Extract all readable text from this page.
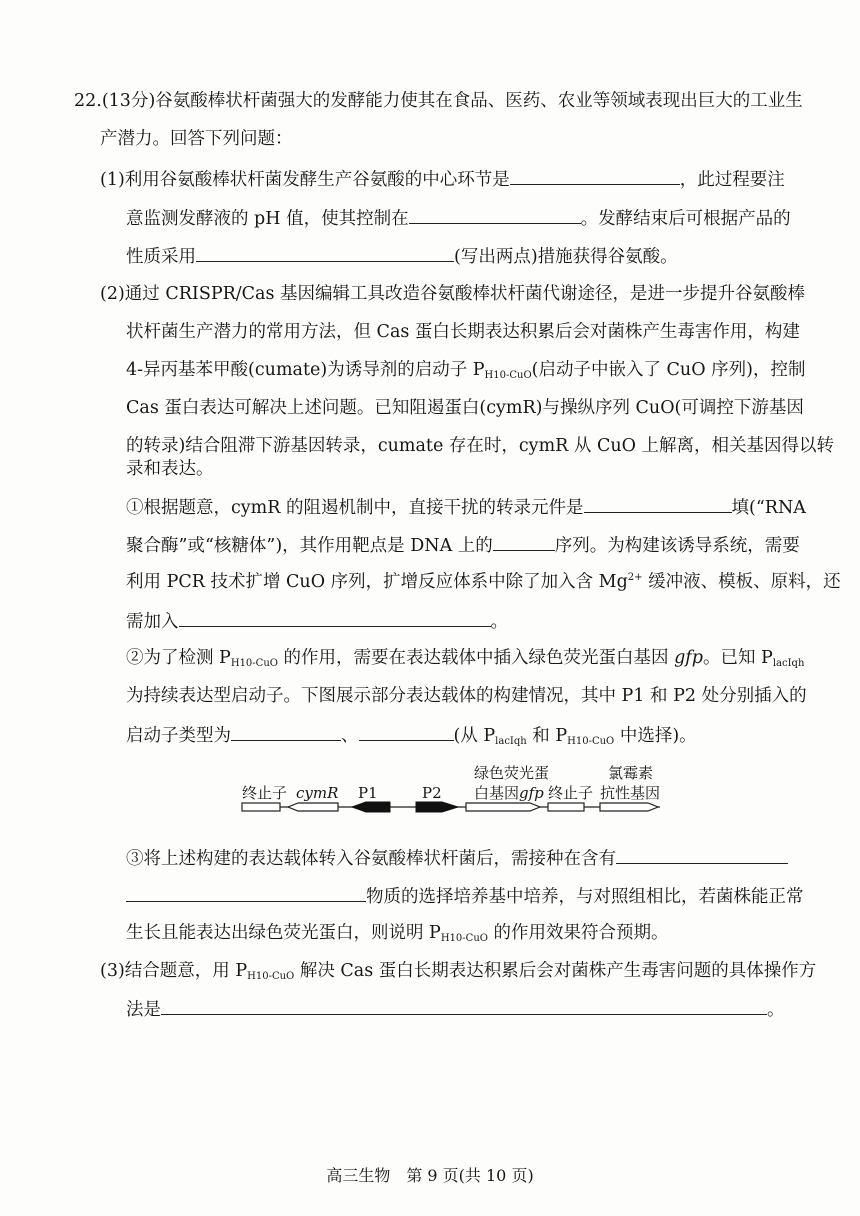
22.(13分)谷氨酸棒状杆菌强大的发酵能力使其在食品、医药、农业等领域表现出巨大的工业生
产潜力。回答下列问题：
(1)利用谷氨酸棒状杆菌发酵生产谷氨酸的中心环节是	，此过程要注
意监测发酵液的 pH 值，使其控制在	。发酵结束后可根据产品的
性质采用	(写出两点)措施获得谷氨酸。
(2)通过 CRISPR/Cas 基因编辑工具改造谷氨酸棒状杆菌代谢途径，是进一步提升谷氨酸棒
状杆菌生产潜力的常用方法，但 Cas 蛋白长期表达积累后会对菌株产生毒害作用，构建
4-异丙基苯甲酸(cumate)为诱导剂的启动子 $P_{H10-CuO}$(启动子中嵌入了 CuO 序列)，控制
Cas 蛋白表达可解决上述问题。已知阻遏蛋白(cymR)与操纵序列 CuO(可调控下游基因
的转录)结合阻滞下游基因转录，cumate 存在时，cymR 从 CuO 上解离，相关基因得以转
录和表达。
①根据题意，cymR 的阻遏机制中，直接干扰的转录元件是	填(“RNA
聚合酶”或“核糖体”)，其作用靶点是 DNA 上的	序列。为构建该诱导系统，需要
利用 PCR 技术扩增 CuO 序列，扩增反应体系中除了加入含 $Mg^{2+}$ 缓冲液、模板、原料，还
需加入	。
②为了检测 $P_{H10-CuO}$ 的作用，需要在表达载体中插入绿色荧光蛋白基因 gfp。已知 $P_{lacIqh}$
为持续表达型启动子。下图展示部分表达载体的构建情况，其中 P1 和 P2 处分别插入的
启动子类型为	、	(从 $P_{lacIqh}$ 和 $P_{H10-CuO}$ 中选择)。
终止子 cymR P1	P2
绿色荧光蛋
白基因gfp 终止子
氯霉素
抗性基因
③将上述构建的表达载体转入谷氨酸棒状杆菌后，需接种在含有
物质的选择培养基中培养，与对照组相比，若菌株能正常
生长且能表达出绿色荧光蛋白，则说明 $P_{H10-CuO}$ 的作用效果符合预期。
(3)结合题意，用 $P_{H10-CuO}$ 解决 Cas 蛋白长期表达积累后会对菌株产生毒害问题的具体操作方
法是	。
高三生物　第 9 页(共 10 页)
